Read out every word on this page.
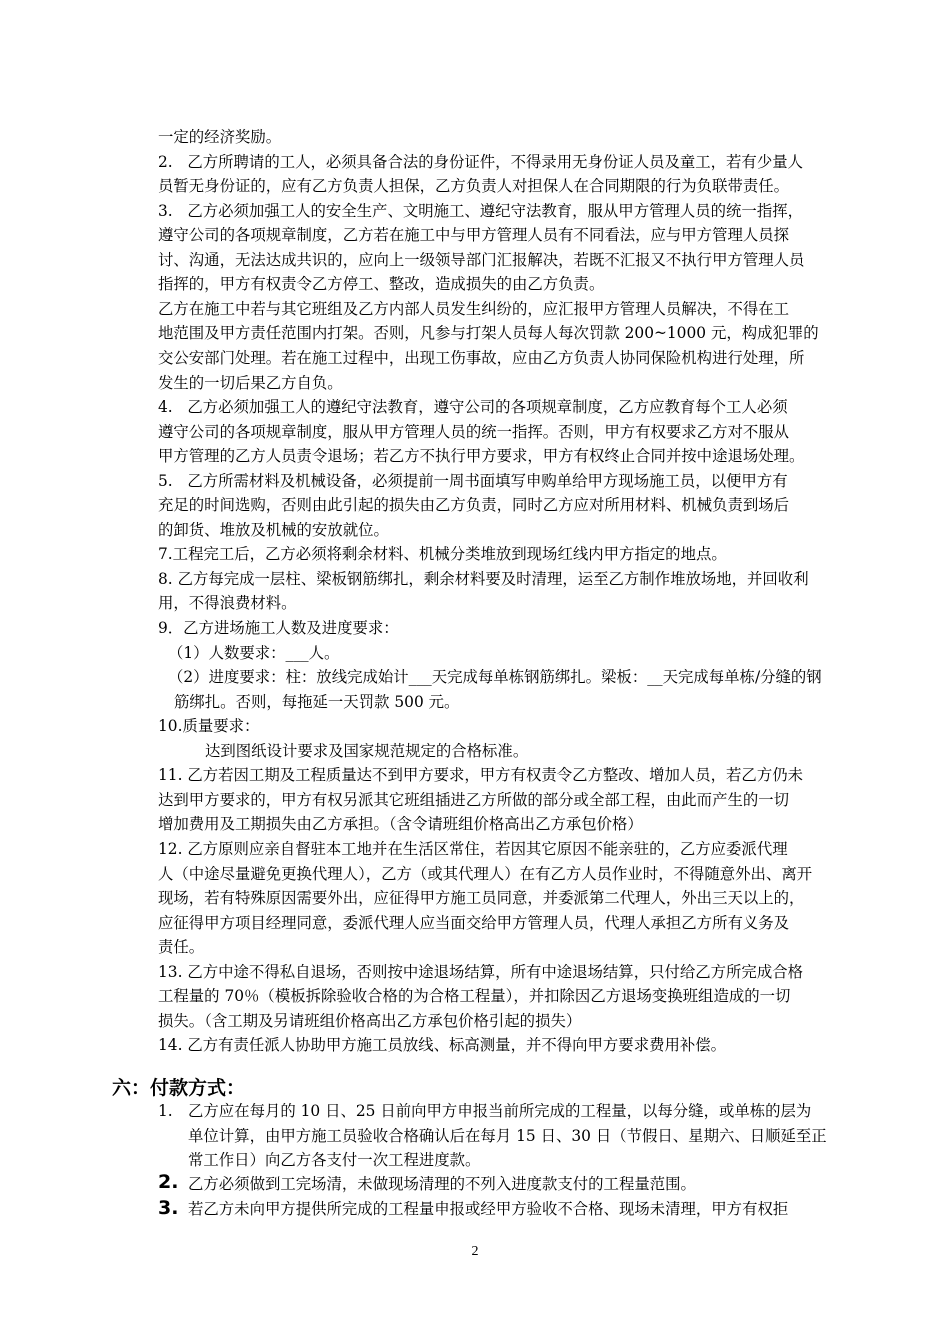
一定的经济奖励。
2.   乙方所聘请的工人，必须具备合法的身份证件，不得录用无身份证人员及童工，若有少量人
员暂无身份证的，应有乙方负责人担保，乙方负责人对担保人在合同期限的行为负联带责任。
3.   乙方必须加强工人的安全生产、文明施工、遵纪守法教育，服从甲方管理人员的统一指挥，
遵守公司的各项规章制度，乙方若在施工中与甲方管理人员有不同看法，应与甲方管理人员探
讨、沟通，无法达成共识的，应向上一级领导部门汇报解决，若既不汇报又不执行甲方管理人员
指挥的，甲方有权责令乙方停工、整改，造成损失的由乙方负责。
乙方在施工中若与其它班组及乙方内部人员发生纠纷的，应汇报甲方管理人员解决，不得在工
地范围及甲方责任范围内打架。否则，凡参与打架人员每人每次罚款 200~1000 元，构成犯罪的
交公安部门处理。若在施工过程中，出现工伤事故，应由乙方负责人协同保险机构进行处理，所
发生的一切后果乙方自负。
4.   乙方必须加强工人的遵纪守法教育，遵守公司的各项规章制度，乙方应教育每个工人必须
遵守公司的各项规章制度，服从甲方管理人员的统一指挥。否则，甲方有权要求乙方对不服从
甲方管理的乙方人员责令退场；若乙方不执行甲方要求，甲方有权终止合同并按中途退场处理。
5.   乙方所需材料及机械设备，必须提前一周书面填写申购单给甲方现场施工员，以便甲方有
充足的时间选购，否则由此引起的损失由乙方负责，同时乙方应对所用材料、机械负责到场后
的卸货、堆放及机械的安放就位。
7.工程完工后，乙方必须将剩余材料、机械分类堆放到现场红线内甲方指定的地点。
8. 乙方每完成一层柱、梁板钢筋绑扎，剩余材料要及时清理，运至乙方制作堆放场地，并回收利
用，不得浪费材料。
9．乙方进场施工人数及进度要求：
（1）人数要求：___人。
（2）进度要求：柱：放线完成始计___天完成每单栋钢筋绑扎。梁板：__天完成每单栋/分缝的钢
筋绑扎。否则，每拖延一天罚款 500 元。
10.质量要求：
达到图纸设计要求及国家规范规定的合格标准。
11. 乙方若因工期及工程质量达不到甲方要求，甲方有权责令乙方整改、增加人员，若乙方仍未
达到甲方要求的，甲方有权另派其它班组插进乙方所做的部分或全部工程，由此而产生的一切
增加费用及工期损失由乙方承担。（含令请班组价格高出乙方承包价格）
12. 乙方原则应亲自督驻本工地并在生活区常住，若因其它原因不能亲驻的，乙方应委派代理
人（中途尽量避免更换代理人），乙方（或其代理人）在有乙方人员作业时，不得随意外出、离开
现场，若有特殊原因需要外出，应征得甲方施工员同意，并委派第二代理人，外出三天以上的，
应征得甲方项目经理同意，委派代理人应当面交给甲方管理人员，代理人承担乙方所有义务及
责任。
13. 乙方中途不得私自退场，否则按中途退场结算，所有中途退场结算，只付给乙方所完成合格
工程量的 70％（模板拆除验收合格的为合格工程量），并扣除因乙方退场变换班组造成的一切
损失。（含工期及另请班组价格高出乙方承包价格引起的损失）
14. 乙方有责任派人协助甲方施工员放线、标高测量，并不得向甲方要求费用补偿。
六：付款方式：
1.
2.
3.
乙方应在每月的 10 日、25 日前向甲方申报当前所完成的工程量，以每分缝，或单栋的层为
单位计算，由甲方施工员验收合格确认后在每月 15 日、30 日（节假日、星期六、日顺延至正
常工作日）向乙方各支付一次工程进度款。
乙方必须做到工完场清，未做现场清理的不列入进度款支付的工程量范围。
若乙方未向甲方提供所完成的工程量申报或经甲方验收不合格、现场未清理，甲方有权拒
2
